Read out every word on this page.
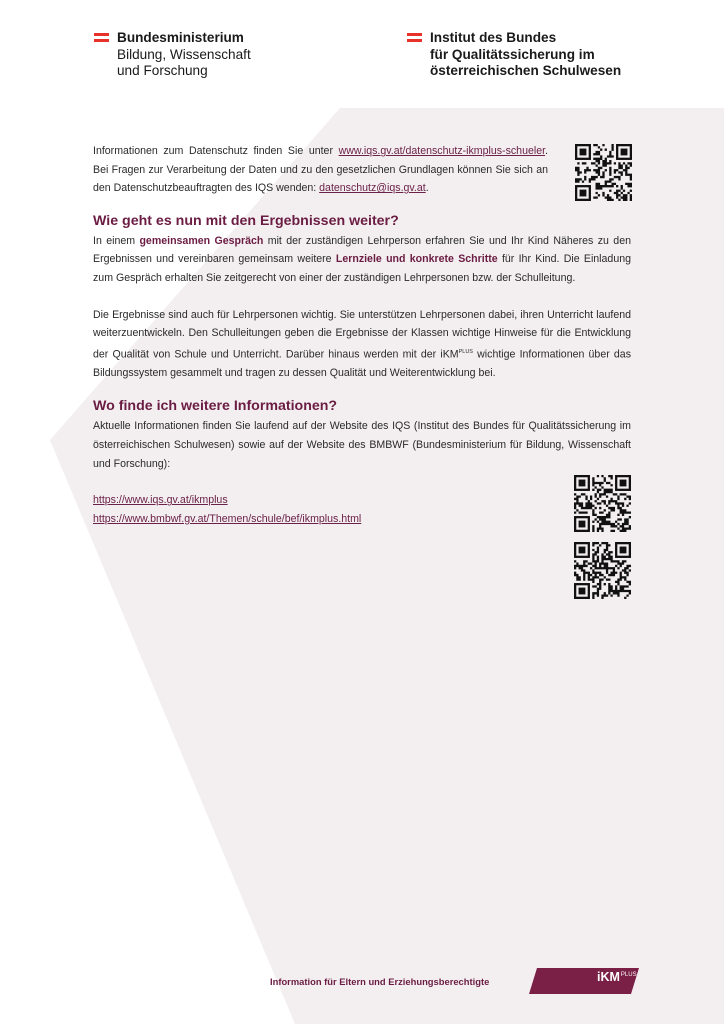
Bundesministerium
Bildung, Wissenschaft
und Forschung
Institut des Bundes
für Qualitätssicherung im
österreichischen Schulwesen

Informationen zum Datenschutz finden Sie unter www.iqs.gv.at/datenschutz-ikmplus-schueler. Bei Fragen zur Verarbeitung der Daten und zu den gesetzlichen Grundlagen können Sie sich an den Datenschutzbeauftragten des IQS wenden: datenschutz@iqs.gv.at.

Wie geht es nun mit den Ergebnissen weiter?

In einem gemeinsamen Gespräch mit der zuständigen Lehrperson erfahren Sie und Ihr Kind Näheres zu den Ergebnissen und vereinbaren gemeinsam weitere Lernziele und konkrete Schritte für Ihr Kind. Die Einladung zum Gespräch erhalten Sie zeitgerecht von einer der zuständigen Lehrpersonen bzw. der Schulleitung.

Die Ergebnisse sind auch für Lehrpersonen wichtig. Sie unterstützen Lehrpersonen dabei, ihren Unterricht laufend weiterzuentwickeln. Den Schulleitungen geben die Ergebnisse der Klassen wichtige Hinweise für die Entwicklung der Qualität von Schule und Unterricht. Darüber hinaus werden mit der iKM$^{PLUS}$ wichtige Informationen über das Bildungssystem gesammelt und tragen zu dessen Qualität und Weiterentwicklung bei.

Wo finde ich weitere Informationen?

Aktuelle Informationen finden Sie laufend auf der Website des IQS (Institut des Bundes für Qualitätssicherung im österreichischen Schulwesen) sowie auf der Website des BMBWF (Bundesministerium für Bildung, Wissenschaft und Forschung):

https://www.iqs.gv.at/ikmplus

https://www.bmbwf.gv.at/Themen/schule/bef/ikmplus.html

Information für Eltern und Erziehungsberechtigte	iKM$^{PLUS}$
